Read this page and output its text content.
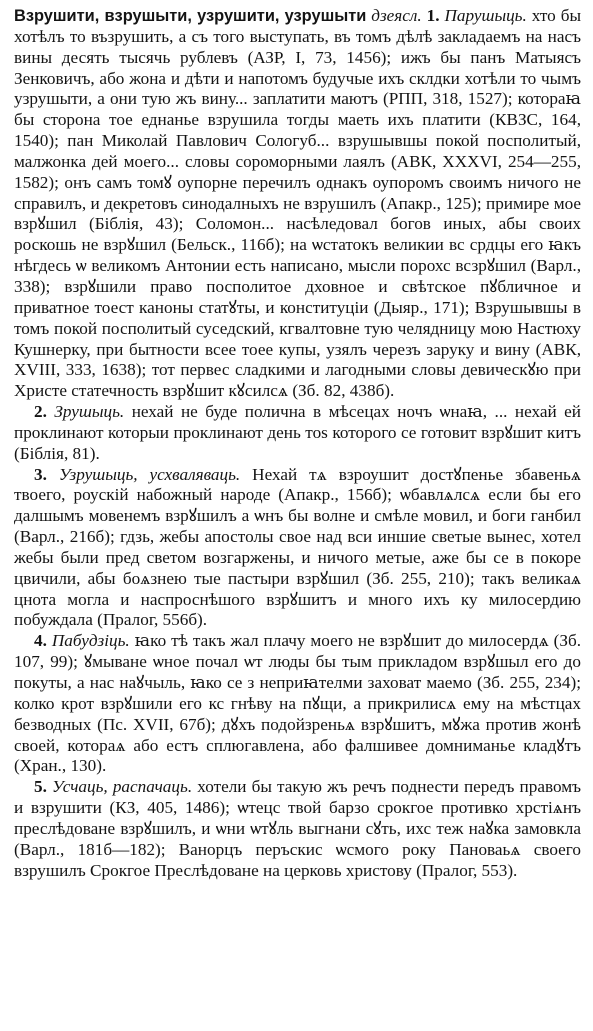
Взрушити, взрушыти, узрушити, узрушыти дзеясл. 1. Парушыць. хто бы хотѣлъ то възрушить, а съ того выступать, въ томъ дѣлѣ закладаемъ на насъ вины десять тысячь рублевъ (АЗР, I, 73, 1456); ижъ бы панъ Матыясъ Зенковичъ, або жона и дѣти и напотомъ будучые ихъ склдки хотѣли то чымъ узрушыти, а они тую жъ вину... заплатити маютъ (РПП, 318, 1527); котораꙗ бы сторона тое еднанье взрушила тогды маеть ихъ платити (КВЗС, 164, 1540); пан Миколай Павлович Сологуб... взрушывшы покой посполитый, малжонка дей моего... словы сороморными лаялъ (АВК, XXXVI, 254—255, 1582); онъ самъ томꙋ оупорне перечилъ однакъ оупоромъ своимъ ничого не справилъ, и декретовъ синодалныхъ не взрушилъ (Апакр., 125); примире мое взрꙋшил (Біблія, 43); Соломон... насѣледовал богов иных, абы своих роскошь не взрꙋшил (Бельск., 116б); на ѡстатокъ великии вс срдцы его ꙗкъ нѣгдесь ѡ великомъ Антонии есть написано, мысли порохс всзрꙋшил (Варл., 338); взрꙋшили право посполитое дховное и свѣтское пꙋбличное и приватное тоест каноны статꙋты, и конституціи (Дыяр., 171); Взрушывшы в томъ покой посполитый суседский, кгвалтовне тую челядницу мою Настюху Кушнерку, при бытности всее тоее купы, узялъ черезъ заруку и вину (АВК, XVIII, 333, 1638); тот первес сладкими и лагодными словы девическꙋю при Христе статечность взрꙋшит кꙋсилсѧ (Зб. 82, 438б).

2. Зрушыць. нехай не буде полична в мѣсецах ночъ ѡнаꙗ, ... нехай ей проклинают которыи проклинают день тоѕ которого се готовит взрꙋшит китъ (Біблія, 81).

3. Узрушыць, усхваляваць. Нехай тѧ взроушит достꙋпенье збавеньѧ твоего, роускій набожный народе (Апакр., 156б); ѡбавлѧлсѧ если бы его далшымъ мовенемъ взрꙋшилъ а ѡнъ бы волне и смѣле мовил, и боги ганбил (Варл., 216б); гдзь, жебы апостолы свое над вси иншие светые вынес, хотел жебы были пред светом возгаржены, и ничого метые, аже бы се в покоре цвичили, абы боѧзнею тые пастыри взрꙋшил (Зб. 255, 210); такъ великаѧ цнота могла и наспроснѣшого взрꙋшитъ и многo ихъ ку милосердию побуждала (Пралог, 556б).

4. Пабудзіць. ꙗко тѣ такъ жал плачу моего не взрꙋшит до милосердѧ (Зб. 107, 99); ꙋмыване ѡное почал ѡт люды бы тым прикладом взрꙋшыл его до покуты, а нас наꙋчыль, ꙗко се з неприꙗтелми заховат маемо (Зб. 255, 234); колко крот взрꙋшили его кс гнѣву на пꙋщи, а прикрилисѧ ему на мѣстцах безводных (Пс. XVII, 67б); дꙋхъ подойзреньѧ взрꙋшитъ, мꙋжа против жонѣ своей, котораѧ або естъ сплюгавлена, або фалшивее домниманье кладꙋтъ (Хран., 130).

5. Усчаць, распачаць. хотели бы такую жъ речъ поднести передъ правомъ и взрушити (КЗ, 405, 1486); ѡтецс твой барзо срокгое противко хрстіѧнъ преслѣдоване взрꙋшилъ, и ѡни ѡтꙋль выгнани сꙋть, ихс теж наꙋка замовкла (Варл., 181б—182); Ванорцъ перъскис ѡсмого року Пановаьѧ своего взрушилъ Срокгое Преслѣдоване на церковь христову (Пралог, 553).
